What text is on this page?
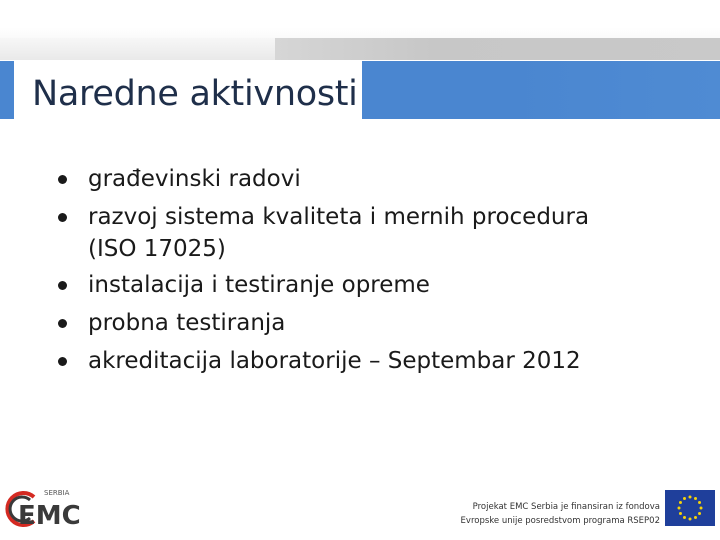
Naredne aktivnosti
građevinski radovi
razvoj sistema kvaliteta i mernih procedura
(ISO 17025)
instalacija i testiranje opreme
probna testiranja
akreditacija laboratorije – Septembar 2012
SERBIA
EMC	Projekat EMC Serbia je finansiran iz fondova
Evropske unije posredstvom programa RSEP02
